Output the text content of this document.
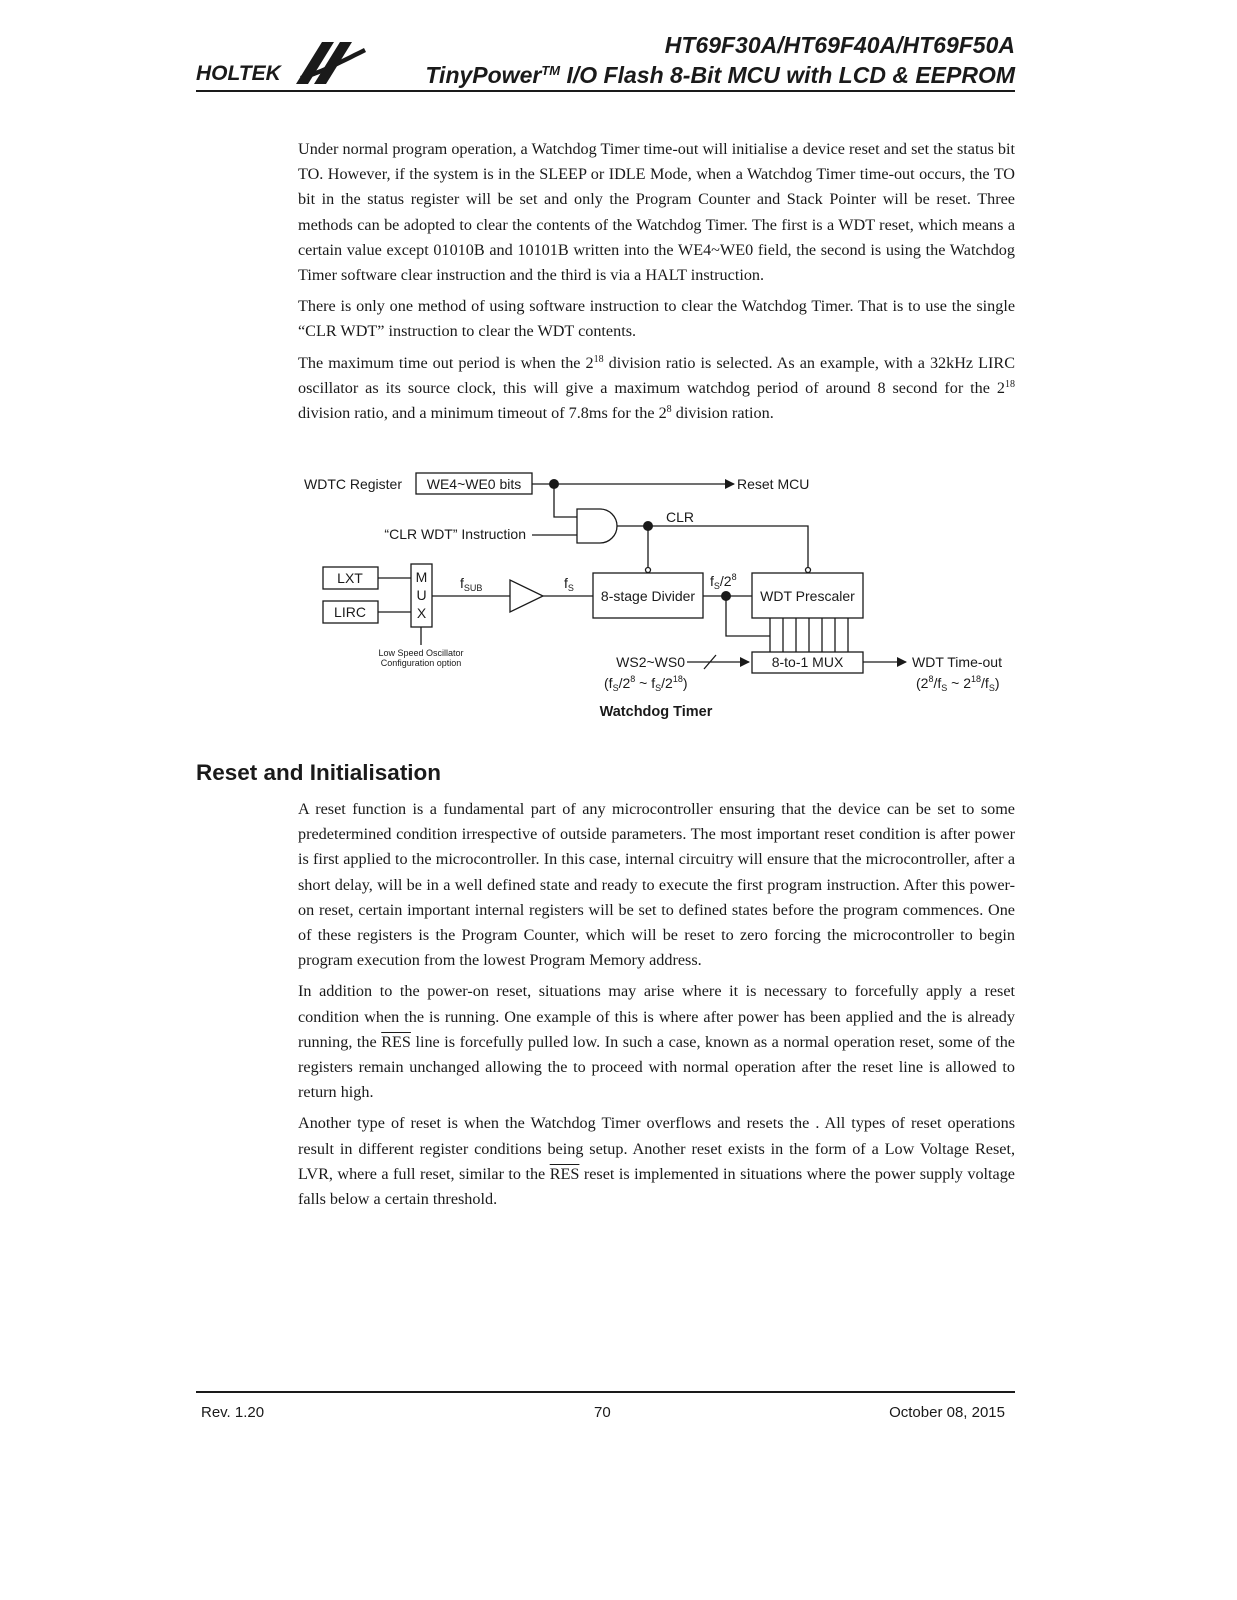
HOLTEK
HT69F30A/HT69F40A/HT69F50A
TinyPower™ I/O Flash 8-Bit MCU with LCD & EEPROM

Under normal program operation, a Watchdog Timer time-out will initialise a device reset and set the status bit TO. However, if the system is in the SLEEP or IDLE Mode, when a Watchdog Timer time-out occurs, the TO bit in the status register will be set and only the Program Counter and Stack Pointer will be reset. Three methods can be adopted to clear the contents of the Watchdog Timer. The first is a WDT reset, which means a certain value except 01010B and 10101B written into the WE4~WE0 field, the second is using the Watchdog Timer software clear instruction and the third is via a HALT instruction.

There is only one method of using software instruction to clear the Watchdog Timer. That is to use the single “CLR WDT” instruction to clear the WDT contents.

The maximum time out period is when the $2^{18}$ division ratio is selected. As an example, with a 32kHz LIRC oscillator as its source clock, this will give a maximum watchdog period of around 8 second for the $2^{18}$ division ratio, and a minimum timeout of 7.8ms for the $2^8$ division ration.

WDTC Register WE4~WE0 bits	Reset MCU
CLR
“CLR WDT” Instruction
LXT
LIRC
M
U
X
$f_{SUB}$	$f_S$ 8-stage Divider
$f_S/2^8$
WDT Prescaler
Low Speed Oscillator
Configuration option	WS2~WS0
($f_S/2^8$ ~ $f_S/2^{18}$)
8-to-1 MUX	WDT Time-out
($2^8/f_S$ ~ $2^{18}/f_S$)
Watchdog Timer
Reset and Initialisation

A reset function is a fundamental part of any microcontroller ensuring that the device can be set to some predetermined condition irrespective of outside parameters. The most important reset condition is after power is first applied to the microcontroller. In this case, internal circuitry will ensure that the microcontroller, after a short delay, will be in a well defined state and ready to execute the first program instruction. After this power-on reset, certain important internal registers will be set to defined states before the program commences. One of these registers is the Program Counter, which will be reset to zero forcing the microcontroller to begin program execution from the lowest Program Memory address.

In addition to the power-on reset, situations may arise where it is necessary to forcefully apply a reset condition when the is running. One example of this is where after power has been applied and the is already running, the $\overline{RES}$ line is forcefully pulled low. In such a case, known as a normal operation reset, some of the registers remain unchanged allowing the to proceed with normal operation after the reset line is allowed to return high.

Another type of reset is when the Watchdog Timer overflows and resets the . All types of reset operations result in different register conditions being setup. Another reset exists in the form of a Low Voltage Reset, LVR, where a full reset, similar to the $\overline{RES}$ reset is implemented in situations where the power supply voltage falls below a certain threshold.

Rev. 1.20	70	October 08, 2015
